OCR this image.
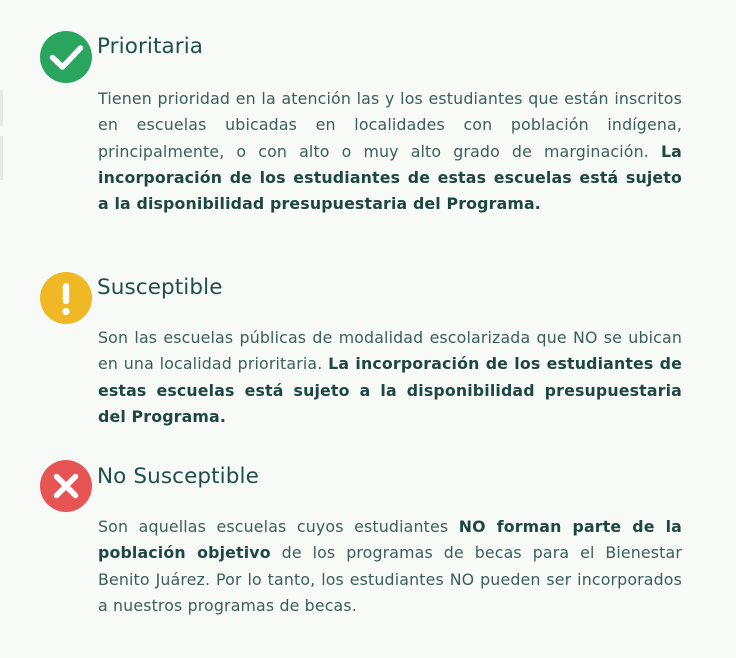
Prioritaria
Tienen prioridad en la atención las y los estudiantes que están inscritos en escuelas ubicadas en localidades con población indígena, principalmente, o con alto o muy alto grado de marginación. La incorporación de los estudiantes de estas escuelas está sujeto a la disponibilidad presupuestaria del Programa.
Susceptible
Son las escuelas públicas de modalidad escolarizada que NO se ubican en una localidad prioritaria. La incorporación de los estudiantes de estas escuelas está sujeto a la disponibilidad presupuestaria del Programa.
No Susceptible
Son aquellas escuelas cuyos estudiantes NO forman parte de la población objetivo de los programas de becas para el Bienestar Benito Juárez. Por lo tanto, los estudiantes NO pueden ser incorporados a nuestros programas de becas.
